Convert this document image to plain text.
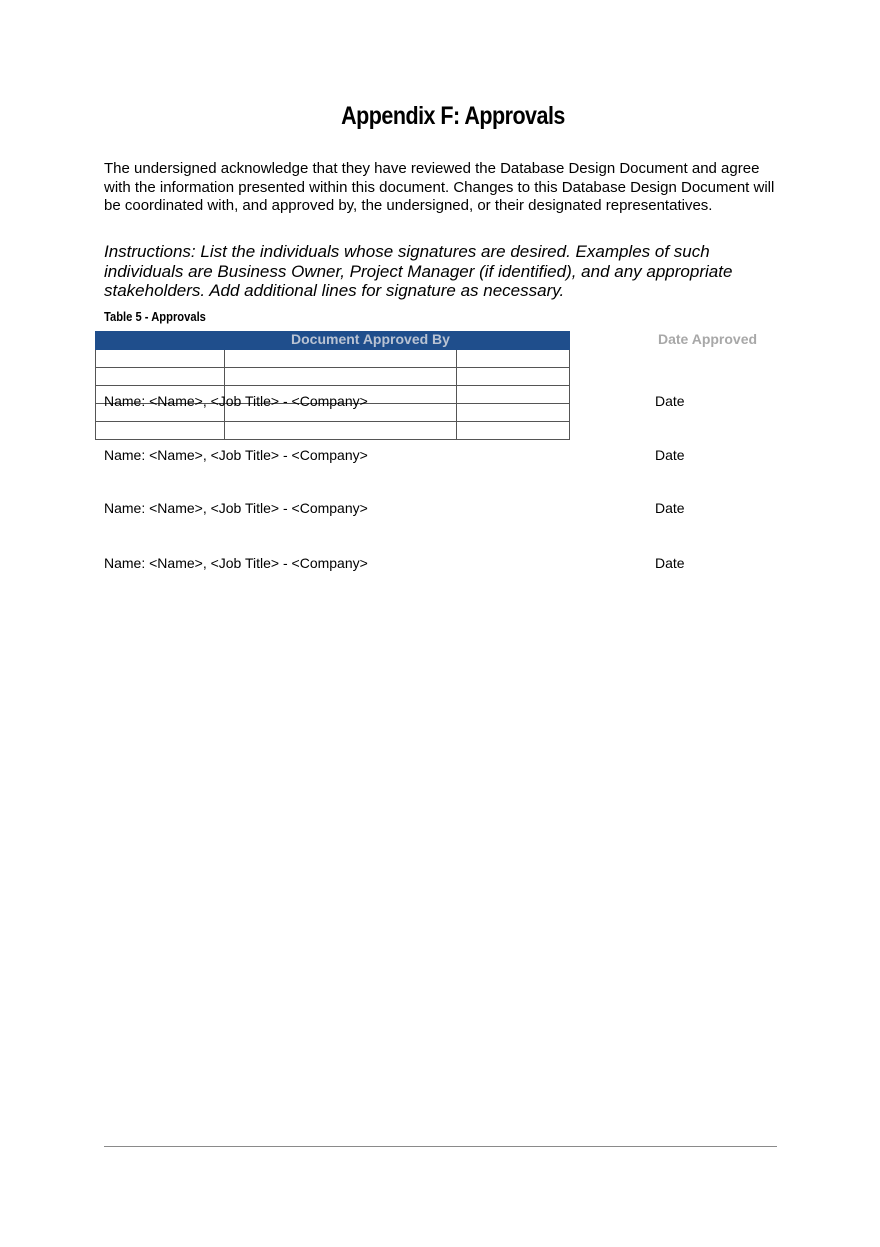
Appendix F: Approvals

The undersigned acknowledge that they have reviewed the Database Design Document and agree with the information presented within this document. Changes to this Database Design Document will be coordinated with, and approved by, the undersigned, or their designated representatives.

Instructions: List the individuals whose signatures are desired. Examples of such individuals are Business Owner, Project Manager (if identified), and any appropriate stakeholders. Add additional lines for signature as necessary.

Table 5 - Approvals

Document Approved By	Date Approved
Name: <Name>, <Job Title> - <Company>	Date
Name: <Name>, <Job Title> - <Company>	Date
Name: <Name>, <Job Title> - <Company>	Date
Name: <Name>, <Job Title> - <Company>	Date
